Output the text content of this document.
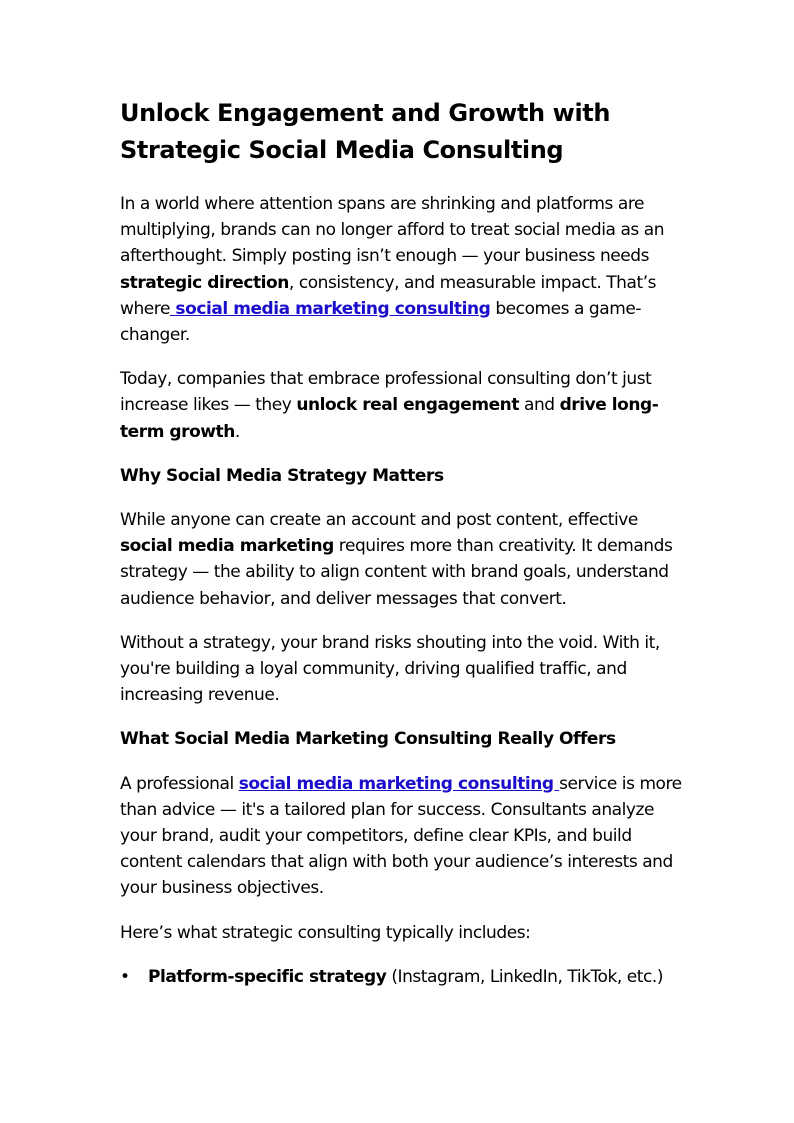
Unlock Engagement and Growth with Strategic Social Media Consulting

In a world where attention spans are shrinking and platforms are multiplying, brands can no longer afford to treat social media as an afterthought. Simply posting isn’t enough — your business needs strategic direction, consistency, and measurable impact. That’s where social media marketing consulting becomes a game-changer.

Today, companies that embrace professional consulting don’t just increase likes — they unlock real engagement and drive long-term growth.

Why Social Media Strategy Matters

While anyone can create an account and post content, effective social media marketing requires more than creativity. It demands strategy — the ability to align content with brand goals, understand audience behavior, and deliver messages that convert.

Without a strategy, your brand risks shouting into the void. With it, you're building a loyal community, driving qualified traffic, and increasing revenue.

What Social Media Marketing Consulting Really Offers

A professional social media marketing consulting service is more than advice — it's a tailored plan for success. Consultants analyze your brand, audit your competitors, define clear KPIs, and build content calendars that align with both your audience’s interests and your business objectives.

Here’s what strategic consulting typically includes:

• Platform-specific strategy (Instagram, LinkedIn, TikTok, etc.)
